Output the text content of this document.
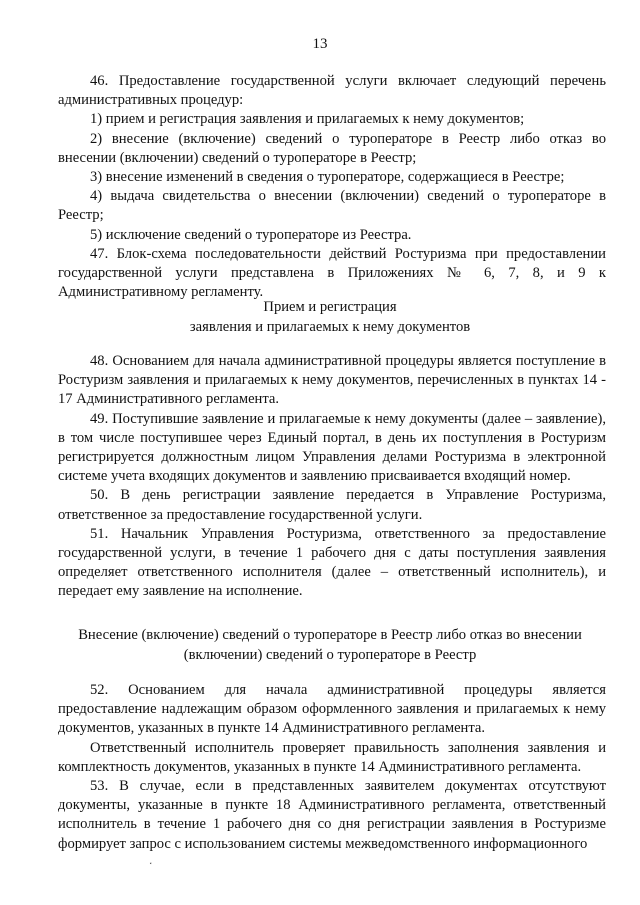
13

46. Предоставление государственной услуги включает следующий перечень административных процедур:

1) прием и регистрация заявления и прилагаемых к нему документов;

2) внесение (включение) сведений о туроператоре в Реестр либо отказ во внесении (включении) сведений о туроператоре в Реестр;

3) внесение изменений в сведения о туроператоре, содержащиеся в Реестре;

4) выдача свидетельства о внесении (включении) сведений о туроператоре в Реестр;

5) исключение сведений о туроператоре из Реестра.

47. Блок-схема последовательности действий Ростуризма при предоставлении государственной услуги представлена в Приложениях № 6, 7, 8, и 9 к Административному регламенту.

Прием и регистрация
заявления и прилагаемых к нему документов

48. Основанием для начала административной процедуры является поступление в Ростуризм заявления и прилагаемых к нему документов, перечисленных в пунктах 14 - 17 Административного регламента.

49. Поступившие заявление и прилагаемые к нему документы (далее – заявление), в том числе поступившее через Единый портал, в день их поступления в Ростуризм регистрируется должностным лицом Управления делами Ростуризма в электронной системе учета входящих документов и заявлению присваивается входящий номер.

50. В день регистрации заявление передается в Управление Ростуризма, ответственное за предоставление государственной услуги.

51. Начальник Управления Ростуризма, ответственного за предоставление государственной услуги, в течение 1 рабочего дня с даты поступления заявления определяет ответственного исполнителя (далее – ответственный исполнитель), и передает ему заявление на исполнение.

Внесение (включение) сведений о туроператоре в Реестр либо отказ во внесении
(включении) сведений о туроператоре в Реестр

52. Основанием для начала административной процедуры является предоставление надлежащим образом оформленного заявления и прилагаемых к нему документов, указанных в пункте 14 Административного регламента.

Ответственный исполнитель проверяет правильность заполнения заявления и комплектность документов, указанных в пункте 14 Административного регламента.

53. В случае, если в представленных заявителем документах отсутствуют документы, указанные в пункте 18 Административного регламента, ответственный исполнитель в течение 1 рабочего дня со дня регистрации заявления в Ростуризме формирует запрос с использованием системы межведомственного информационного

⸼
